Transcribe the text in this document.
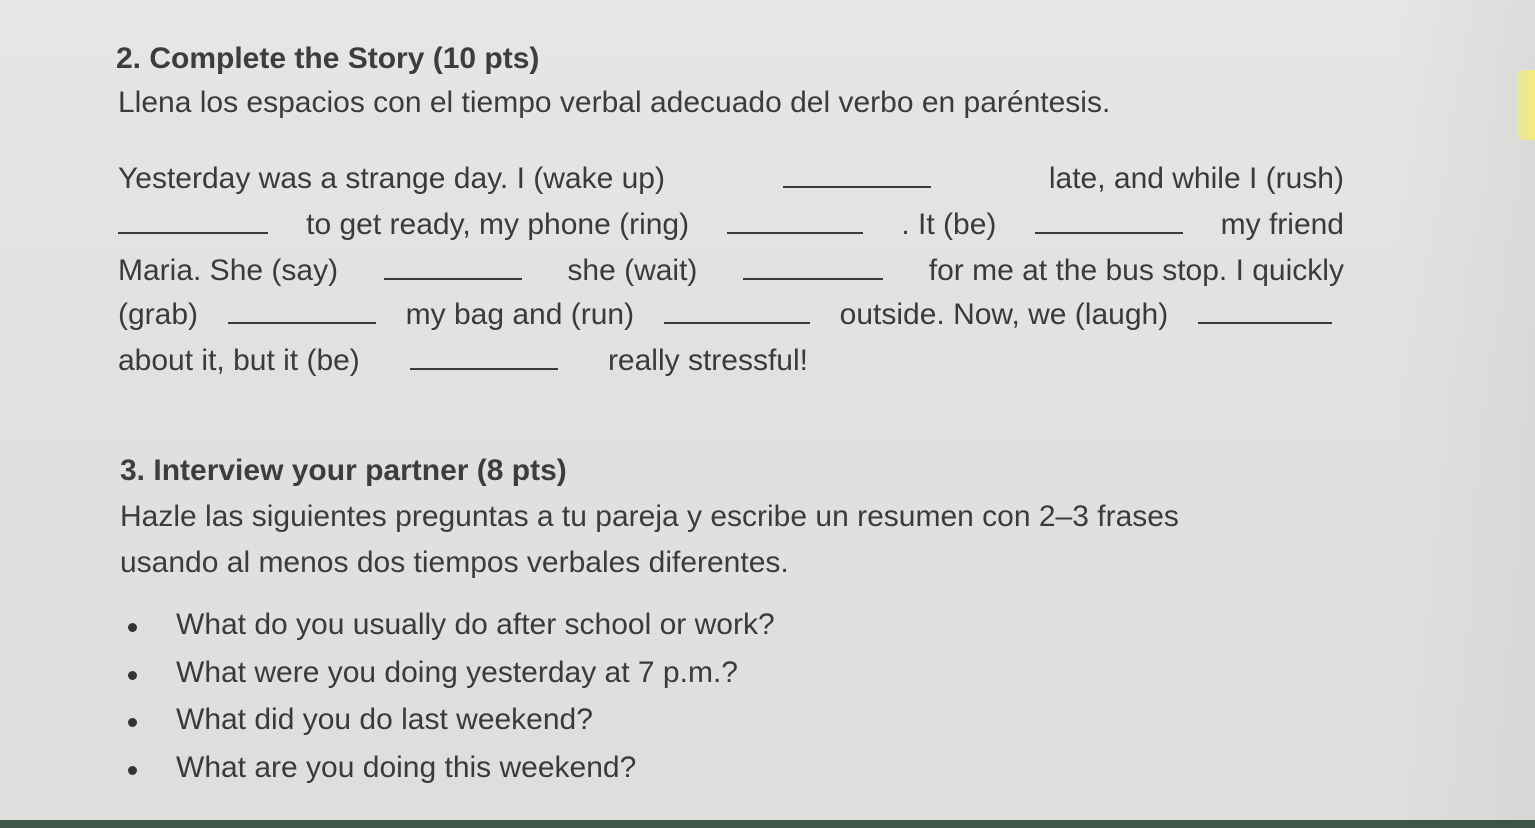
2. Complete the Story (10 pts)
Llena los espacios con el tiempo verbal adecuado del verbo en paréntesis.
Yesterday was a strange day. I (wake up)	late, and while I (rush)
to get ready, my phone (ring)	. It (be)	my friend
Maria. She (say)	she (wait)	for me at the bus stop. I quickly
(grab)	my bag and (run)	outside. Now, we (laugh)
about it, but it (be)	really stressful!
3. Interview your partner (8 pts)
Hazle las siguientes preguntas a tu pareja y escribe un resumen con 2–3 frases
usando al menos dos tiempos verbales diferentes.
What do you usually do after school or work?
What were you doing yesterday at 7 p.m.?
What did you do last weekend?
What are you doing this weekend?
